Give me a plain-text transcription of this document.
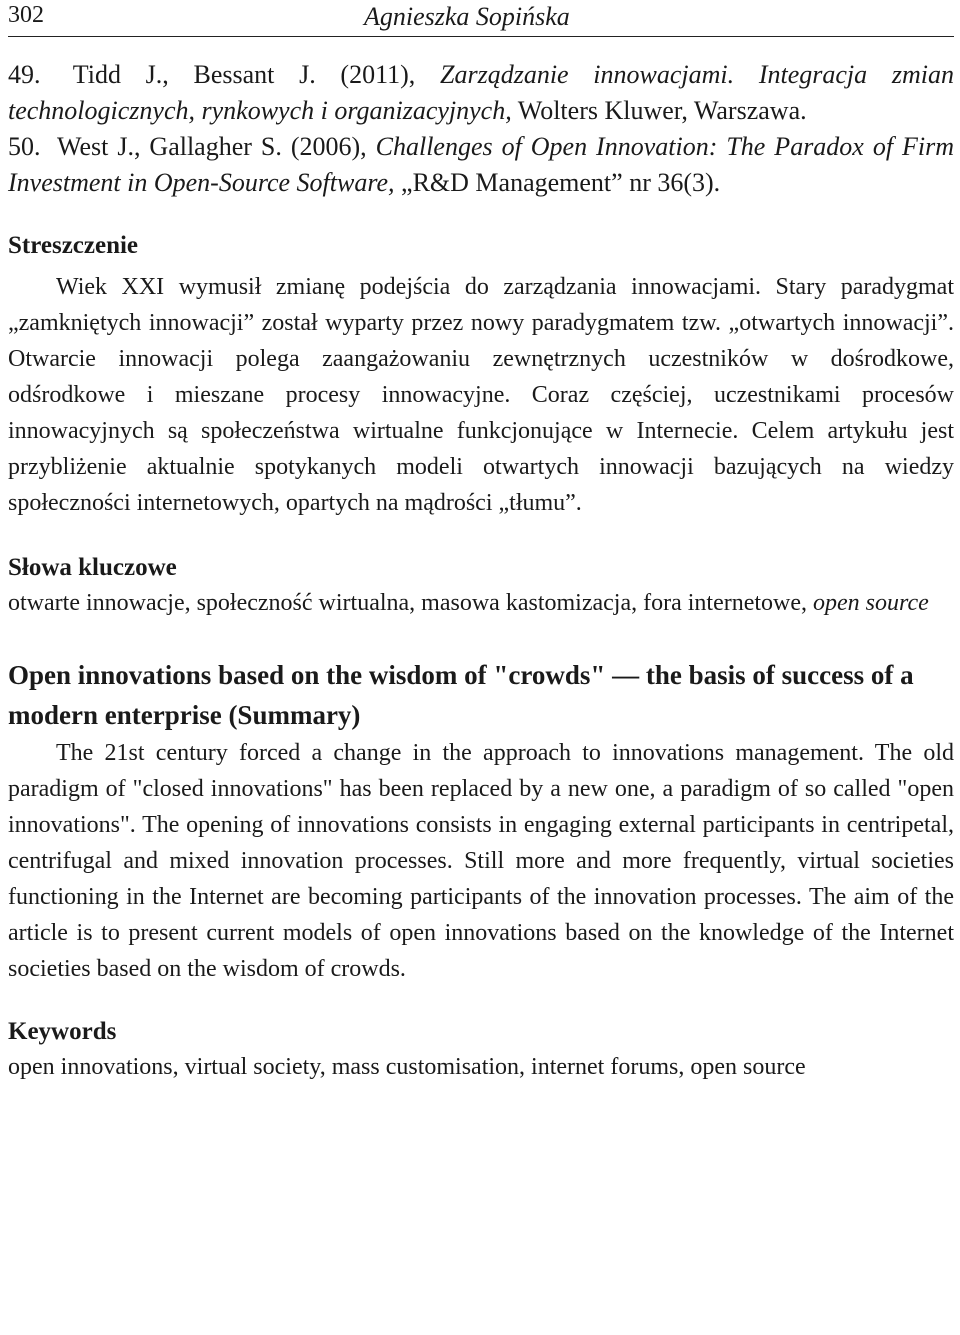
302	Agnieszka Sopińska
49. Tidd J., Bessant J. (2011), Zarządzanie innowacjami. Integracja zmian technologicznych, rynkowych i organizacyjnych, Wolters Kluwer, Warszawa.
50. West J., Gallagher S. (2006), Challenges of Open Innovation: The Paradox of Firm Investment in Open-Source Software, „R&D Management” nr 36(3).
Streszczenie
Wiek XXI wymusił zmianę podejścia do zarządzania innowacjami. Stary paradygmat „zamkniętych innowacji” został wyparty przez nowy paradygmatem tzw. „otwartych innowacji”. Otwarcie innowacji polega zaangażowaniu zewnętrznych uczestników w dośrodkowe, odśrodkowe i mieszane procesy innowacyjne. Coraz częściej, uczestnikami procesów innowacyjnych są społeczeństwa wirtualne funkcjonujące w Internecie. Celem artykułu jest przybliżenie aktualnie spotykanych modeli otwartych innowacji bazujących na wiedzy społeczności internetowych, opartych na mądrości „tłumu”.
Słowa kluczowe
otwarte innowacje, społeczność wirtualna, masowa kastomizacja, fora internetowe, open source
Open innovations based on the wisdom of "crowds" — the basis of success of a modern enterprise (Summary)
The 21st century forced a change in the approach to innovations management. The old paradigm of "closed innovations" has been replaced by a new one, a paradigm of so called "open innovations". The opening of innovations consists in engaging external participants in centripetal, centrifugal and mixed innovation processes. Still more and more frequently, virtual societies functioning in the Internet are becoming participants of the innovation processes. The aim of the article is to present current models of open innovations based on the knowledge of the Internet societies based on the wisdom of crowds.
Keywords
open innovations, virtual society, mass customisation, internet forums, open source
